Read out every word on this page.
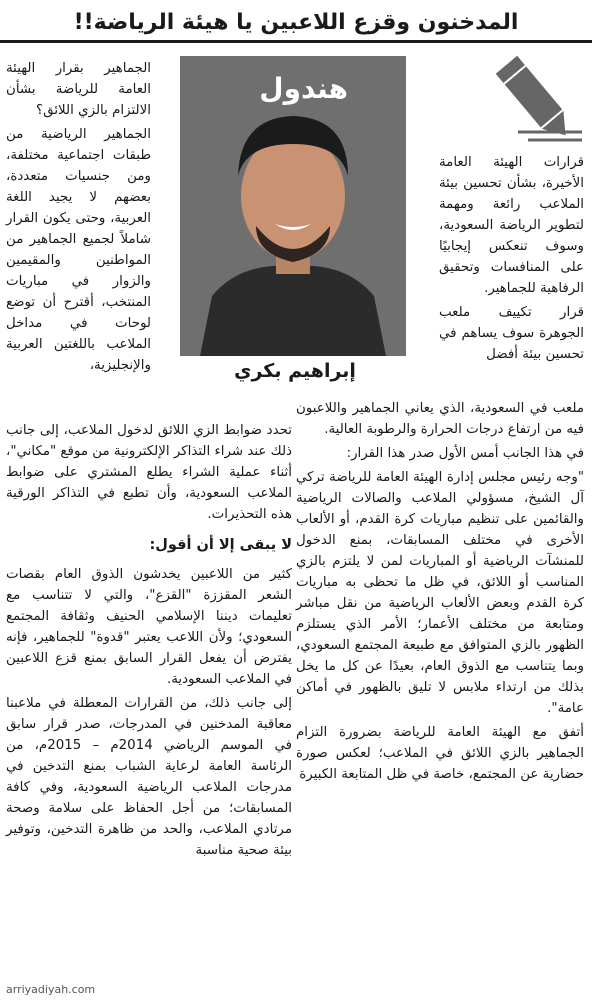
المدخنون وقزع اللاعبين يا هيئة الرياضة!!
هندول
إبراهيم بكري

قرارات الهيئة العامة الأخيرة، بشأن تحسين بيئة الملاعب رائعة ومهمة لتطوير الرياضة السعودية، وسوف تنعكس إيجابيًا على المنافسات وتحقيق الرفاهية للجماهير.

قرار تكييف ملعب الجوهرة سوف يساهم في تحسين بيئة أفضل

ملعب في السعودية، الذي يعاني الجماهير واللاعبون فيه من ارتفاع درجات الحرارة والرطوبة العالية.

في هذا الجانب أمس الأول صدر هذا القرار:

"وجه رئيس مجلس إدارة الهيئة العامة للرياضة تركي آل الشيخ، مسؤولي الملاعب والصالات الرياضية والقائمين على تنظيم مباريات كرة القدم، أو الألعاب الأخرى في مختلف المسابقات، بمنع الدخول للمنشآت الرياضية أو المباريات لمن لا يلتزم بالزي المناسب أو اللائق، في ظل ما تحظى به مباريات كرة القدم وبعض الألعاب الرياضية من نقل مباشر ومتابعة من مختلف الأعمار؛ الأمر الذي يستلزم الظهور بالزي المتوافق مع طبيعة المجتمع السعودي، وبما يتناسب مع الذوق العام، بعيدًا عن كل ما يخل بذلك من ارتداء ملابس لا تليق بالظهور في أماكن عامة".

أتفق مع الهيئة العامة للرياضة بضرورة التزام الجماهير بالزي اللائق في الملاعب؛ لعكس صورة حضارية عن المجتمع، خاصة في ظل المتابعة الكبيرة

الجماهير بقرار الهيئة العامة للرياضة بشأن الالتزام بالزي اللائق؟

الجماهير الرياضية من طبقات اجتماعية مختلفة، ومن جنسيات متعددة، بعضهم لا يجيد اللغة العربية، وحتى يكون القرار شاملاً لجميع الجماهير من المواطنين والمقيمين والزوار في مباريات المنتخب، أقترح أن توضع لوحات في مداخل الملاعب باللغتين العربية والإنجليزية،

تحدد ضوابط الزي اللائق لدخول الملاعب، إلى جانب ذلك عند شراء التذاكر الإلكترونية من موقع "مكاني"، أثناء عملية الشراء يطلع المشتري على ضوابط الملاعب السعودية، وأن تطبع في التذاكر الورقية هذه التحذيرات.

لا يبقى إلا أن أقول:

كثير من اللاعبين يخدشون الذوق العام بقصات الشعر المقززة "القزع"، والتي لا تتناسب مع تعليمات ديننا الإسلامي الحنيف وثقافة المجتمع السعودي؛ ولأن اللاعب يعتبر "قدوة" للجماهير، فإنه يفترض أن يفعل القرار السابق بمنع قزع اللاعبين في الملاعب السعودية.

إلى جانب ذلك، من القرارات المعطلة في ملاعبنا معاقبة المدخنين في المدرجات، صدر قرار سابق في الموسم الرياضي 2014م – 2015م، من الرئاسة العامة لرعاية الشباب بمنع التدخين في مدرجات الملاعب الرياضية السعودية، وفي كافة المسابقات؛ من أجل الحفاظ على سلامة وصحة مرتادي الملاعب، والحد من ظاهرة التدخين، وتوفير بيئة صحية مناسبة

arriyadiyah.com
